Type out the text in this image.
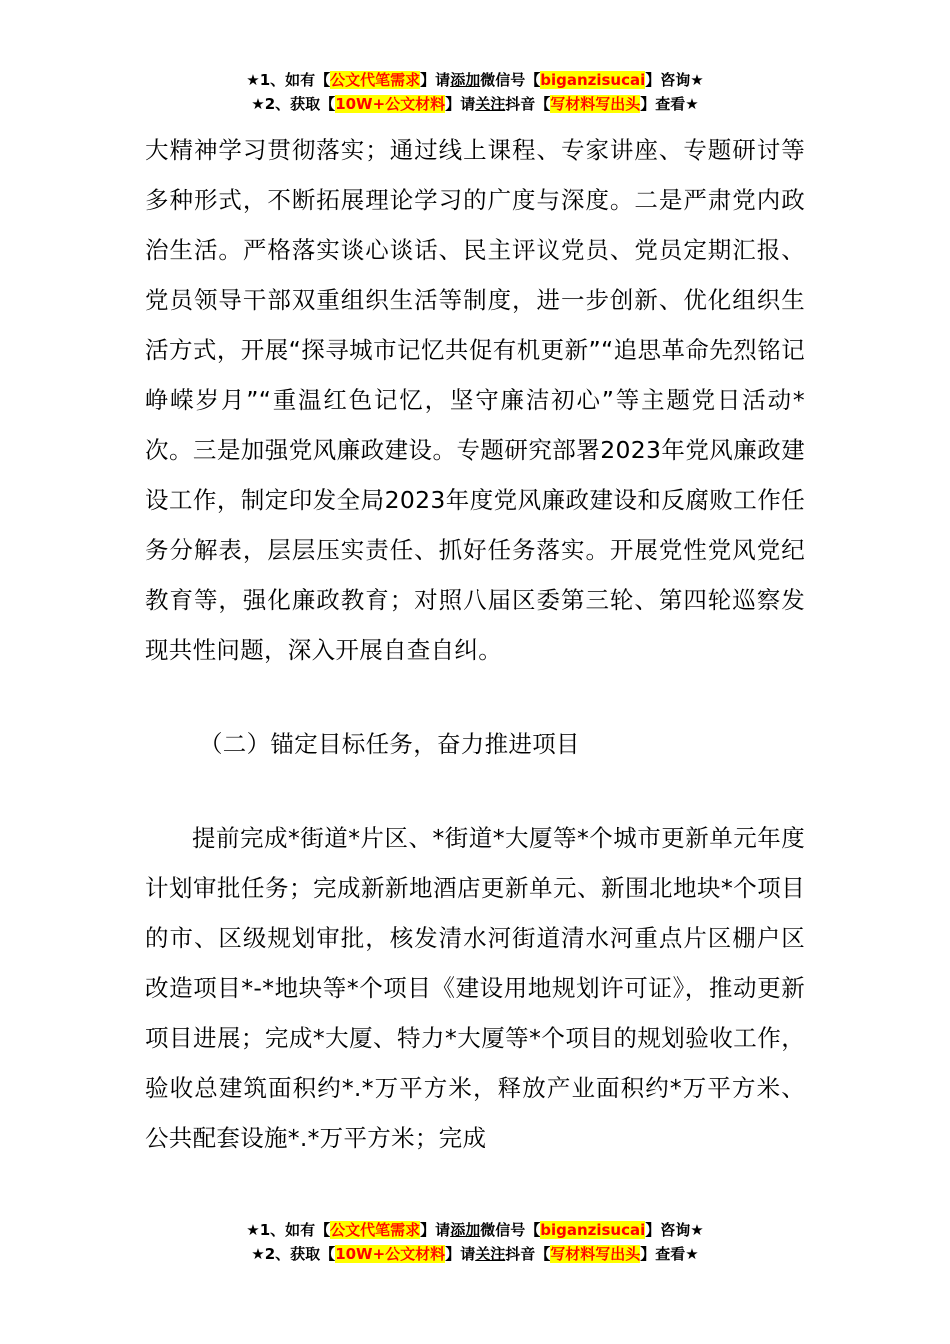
★1、如有【公文代笔需求】请添加微信号【biganzisucai】咨询★
★2、获取【10W+公文材料】请关注抖音【写材料写出头】查看★

大精神学习贯彻落实；通过线上课程、专家讲座、专题研讨等多种形式，不断拓展理论学习的广度与深度。二是严肃党内政治生活。严格落实谈心谈话、民主评议党员、党员定期汇报、党员领导干部双重组织生活等制度，进一步创新、优化组织生活方式，开展“探寻城市记忆共促有机更新”“追思革命先烈铭记峥嵘岁月”“重温红色记忆，坚守廉洁初心”等主题党日活动*次。三是加强党风廉政建设。专题研究部署2023年党风廉政建设工作，制定印发全局2023年度党风廉政建设和反腐败工作任务分解表，层层压实责任、抓好任务落实。开展党性党风党纪教育等，强化廉政教育；对照八届区委第三轮、第四轮巡察发现共性问题，深入开展自查自纠。

（二）锚定目标任务，奋力推进项目

提前完成*街道*片区、*街道*大厦等*个城市更新单元年度计划审批任务；完成新新地酒店更新单元、新围北地块*个项目的市、区级规划审批，核发清水河街道清水河重点片区棚户区改造项目*-*地块等*个项目《建设用地规划许可证》，推动更新项目进展；完成*大厦、特力*大厦等*个项目的规划验收工作，验收总建筑面积约*.*万平方米，释放产业面积约*万平方米、公共配套设施*.*万平方米；完成

★1、如有【公文代笔需求】请添加微信号【biganzisucai】咨询★
★2、获取【10W+公文材料】请关注抖音【写材料写出头】查看★
